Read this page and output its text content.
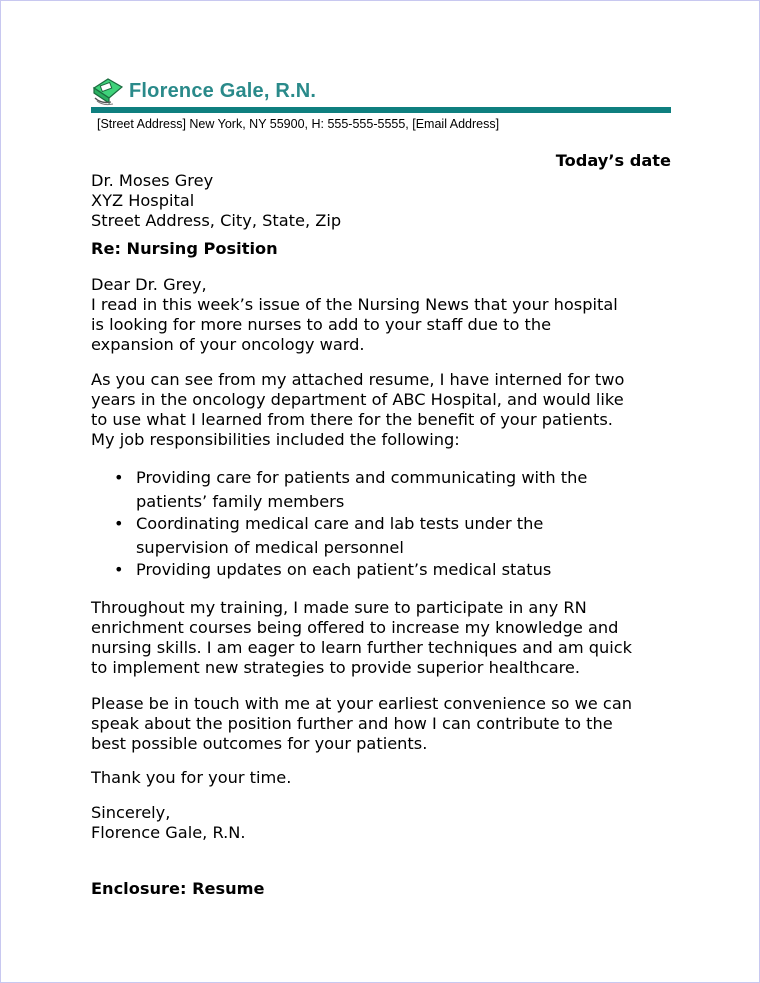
Florence Gale, R.N.
[Street Address] New York, NY 55900, H: 555-555-5555, [Email Address]
Today’s date
Dr. Moses Grey
XYZ Hospital
Street Address, City, State, Zip
Re: Nursing Position
Dear Dr. Grey,
I read in this week’s issue of the Nursing News that your hospital
is looking for more nurses to add to your staff due to the
expansion of your oncology ward.
As you can see from my attached resume, I have interned for two
years in the oncology department of ABC Hospital, and would like
to use what I learned from there for the benefit of your patients.
My job responsibilities included the following:
• Providing care for patients and communicating with the
patients’ family members
• Coordinating medical care and lab tests under the
supervision of medical personnel
• Providing updates on each patient’s medical status
Throughout my training, I made sure to participate in any RN
enrichment courses being offered to increase my knowledge and
nursing skills. I am eager to learn further techniques and am quick
to implement new strategies to provide superior healthcare.
Please be in touch with me at your earliest convenience so we can
speak about the position further and how I can contribute to the
best possible outcomes for your patients.
Thank you for your time.
Sincerely,
Florence Gale, R.N.
Enclosure: Resume
